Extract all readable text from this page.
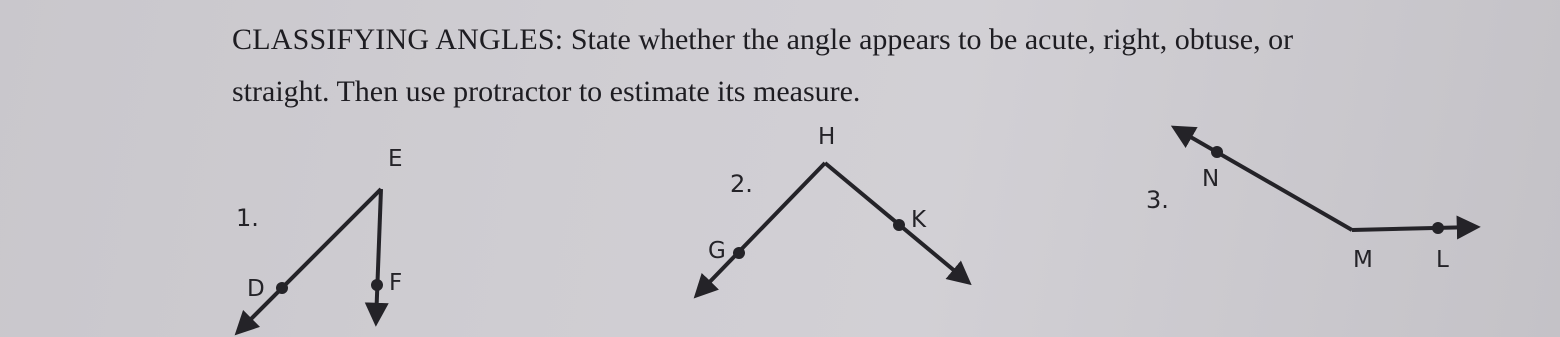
CLASSIFYING ANGLES: State whether the angle appears to be acute, right, obtuse, or
straight. Then use protractor to estimate its measure.
1.
2.
3.
E
D	F
H
K
G
N
M	L
